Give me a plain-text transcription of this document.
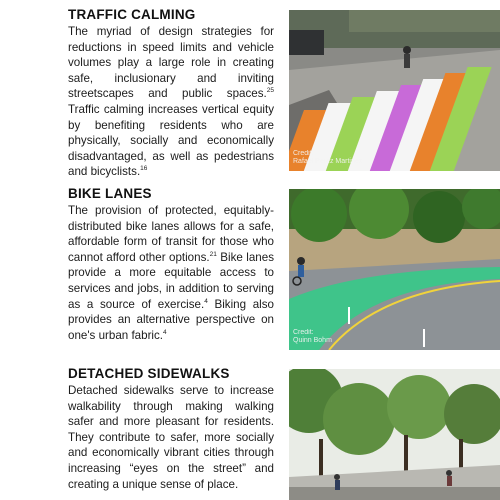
TRAFFIC CALMING

The myriad of design strategies for reductions in speed limits and vehicle volumes play a large role in creating safe, inclusionary and inviting streetscapes and public spaces.$^{25}$ Traffic calming increases vertical equity by benefiting residents who are physically, socially and economically disadvantaged, as well as pedestrians and bicyclists.$^{16}$

Credit:
Rafael Perez Martinez
BIKE LANES

The provision of protected, equitably-distributed bike lanes allows for a safe, affordable form of transit for those who cannot afford other options.$^{21}$ Bike lanes provide a more equitable access to services and jobs, in addition to serving as a source of exercise.$^4$ Biking also provides an alternative perspective on one's urban fabric.$^4$	Credit:
Quinn Bohm
DETACHED SIDEWALKS

Detached sidewalks serve to increase walkability through making walking safer and more pleasant for residents. They contribute to safer, more socially and economically vibrant cities through increasing “eyes on the street” and creating a unique sense of place.
